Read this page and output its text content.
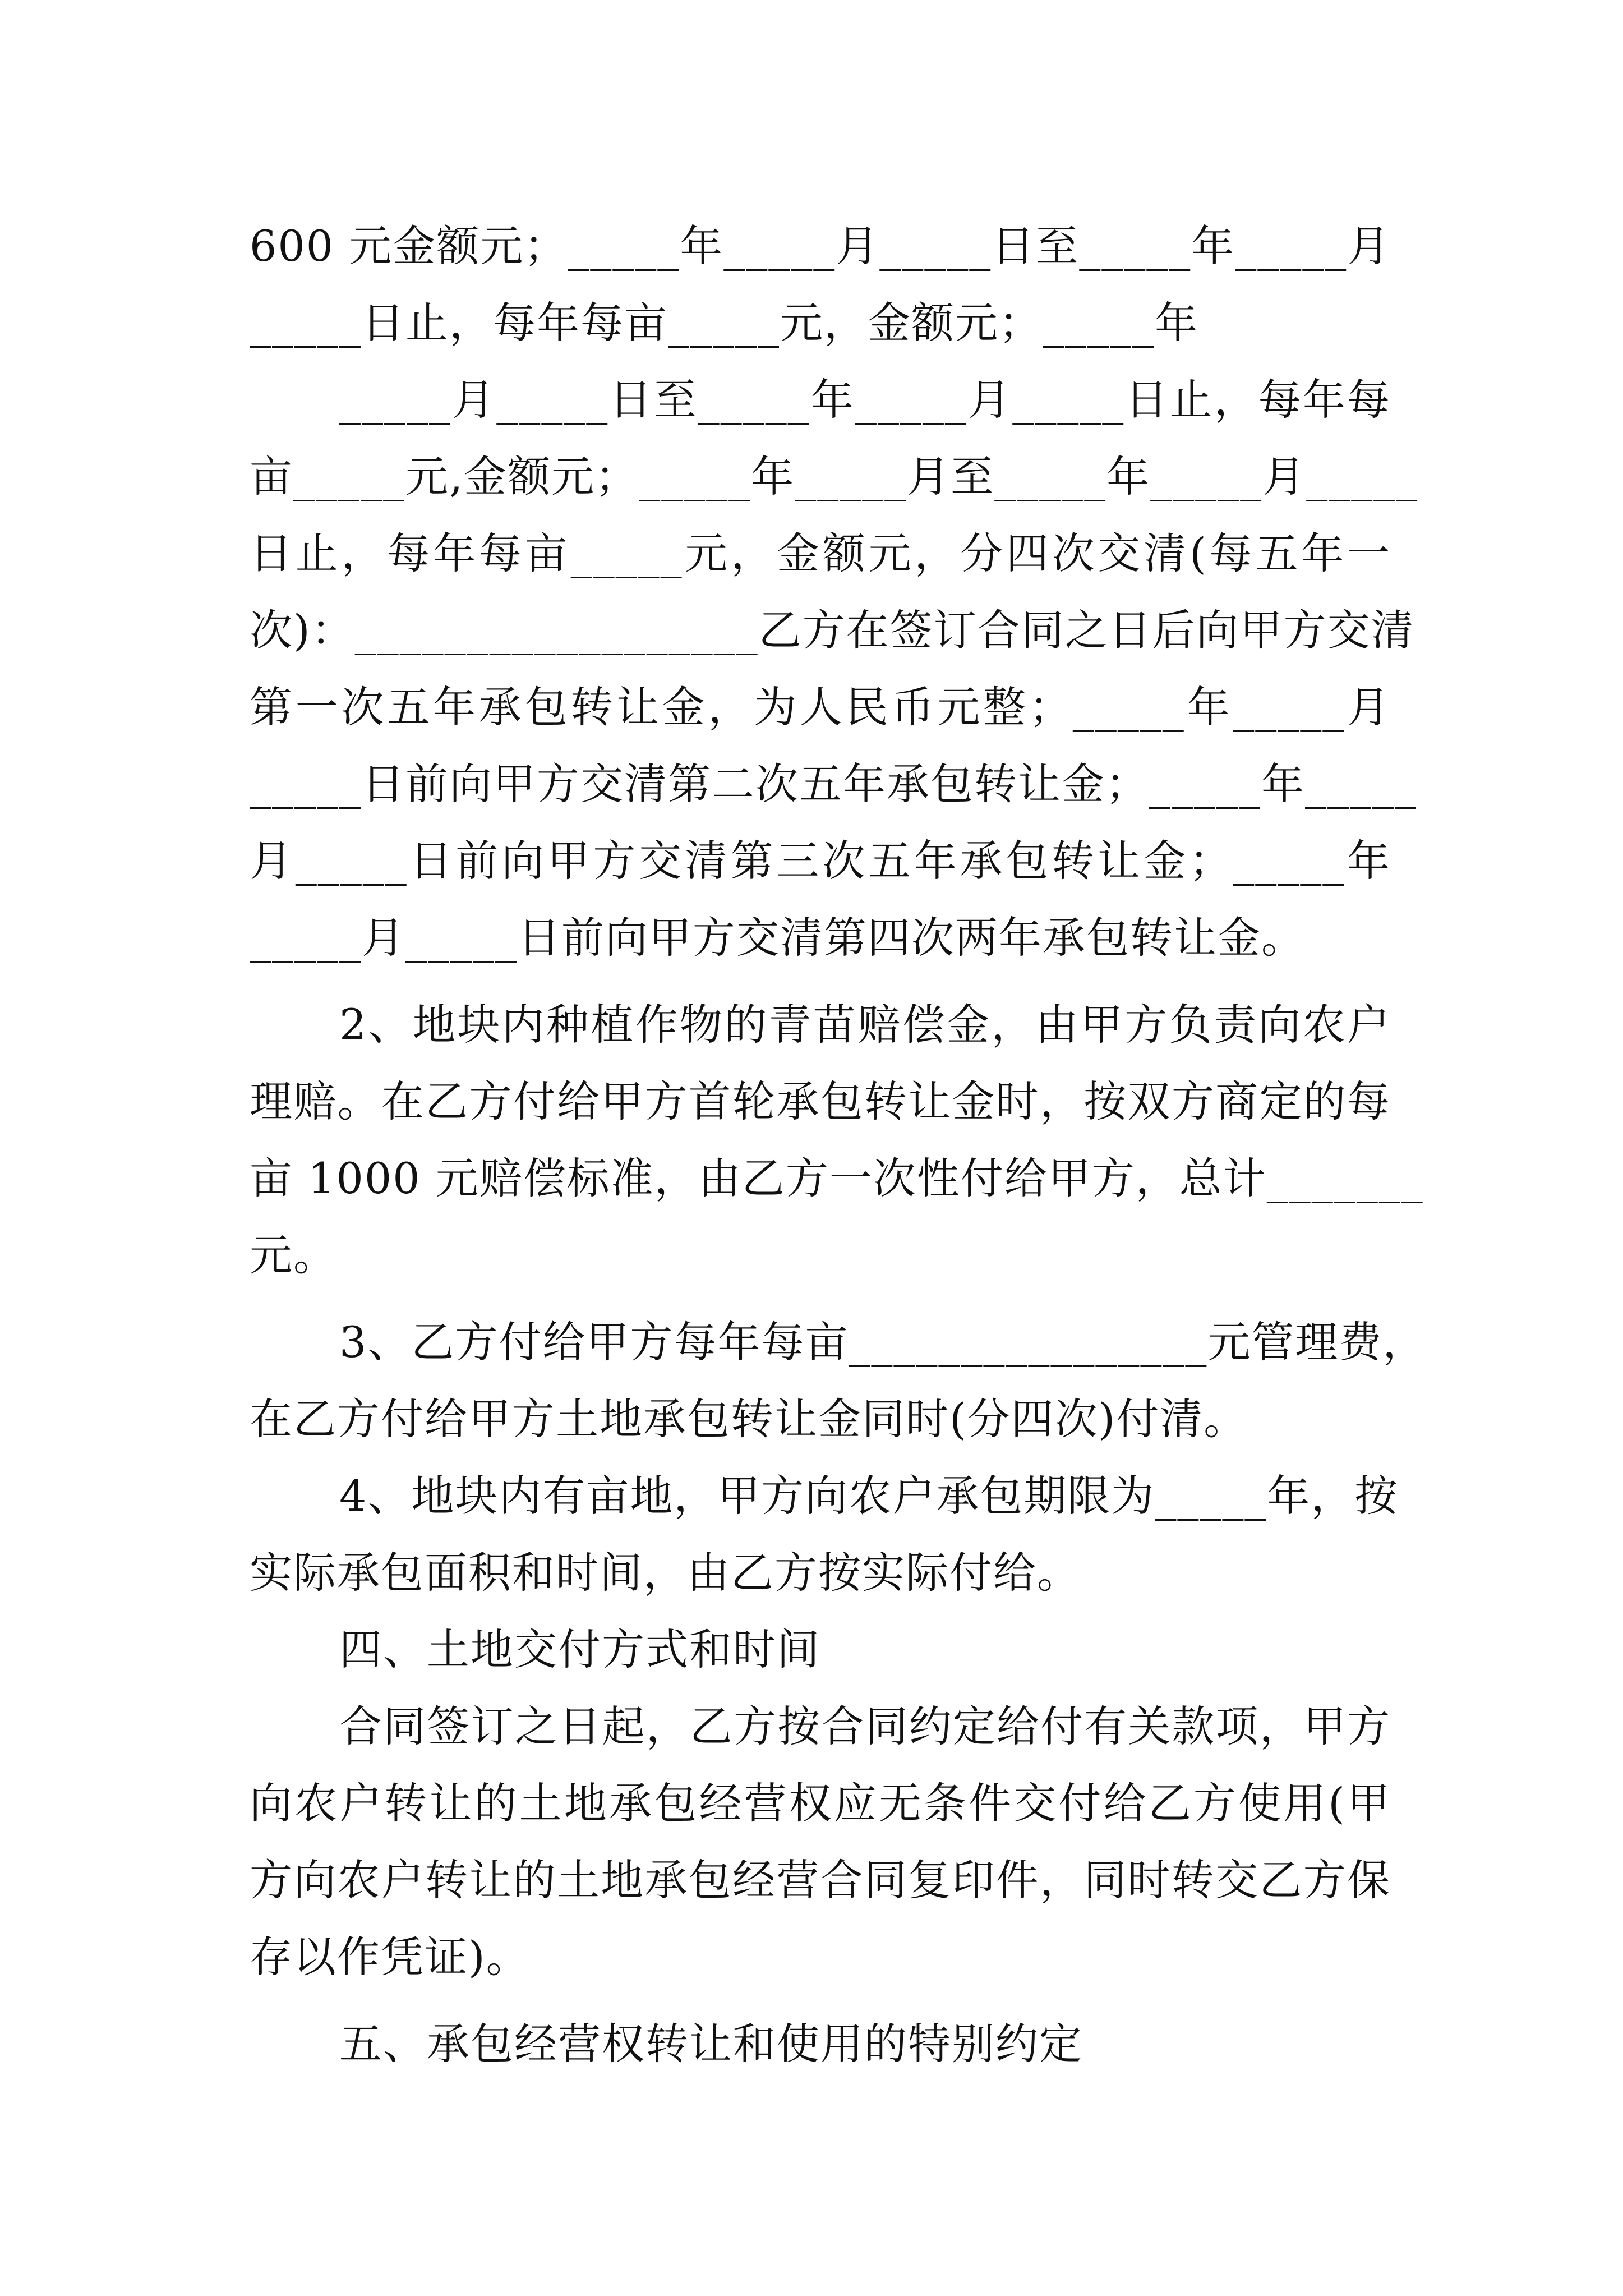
600 元金额元；_____年_____月_____日至_____年_____月
_____日止，每年每亩_____元，金额元；_____年
_____月_____日至_____年_____月_____日止，每年每
亩_____元,金额元；_____年_____月至_____年_____月_____
日止，每年每亩_____元，金额元，分四次交清(每五年一
次)：__________________乙方在签订合同之日后向甲方交清
第一次五年承包转让金，为人民币元整；_____年_____月
_____日前向甲方交清第二次五年承包转让金；_____年_____
月_____日前向甲方交清第三次五年承包转让金；_____年
_____月_____日前向甲方交清第四次两年承包转让金。
2、地块内种植作物的青苗赔偿金，由甲方负责向农户
理赔。在乙方付给甲方首轮承包转让金时，按双方商定的每
亩 1000 元赔偿标准，由乙方一次性付给甲方，总计_______
元。
3、乙方付给甲方每年每亩________________元管理费，
在乙方付给甲方土地承包转让金同时(分四次)付清。
4、地块内有亩地，甲方向农户承包期限为_____年，按
实际承包面积和时间，由乙方按实际付给。
四、土地交付方式和时间
合同签订之日起，乙方按合同约定给付有关款项，甲方
向农户转让的土地承包经营权应无条件交付给乙方使用(甲
方向农户转让的土地承包经营合同复印件，同时转交乙方保
存以作凭证)。
五、承包经营权转让和使用的特别约定
